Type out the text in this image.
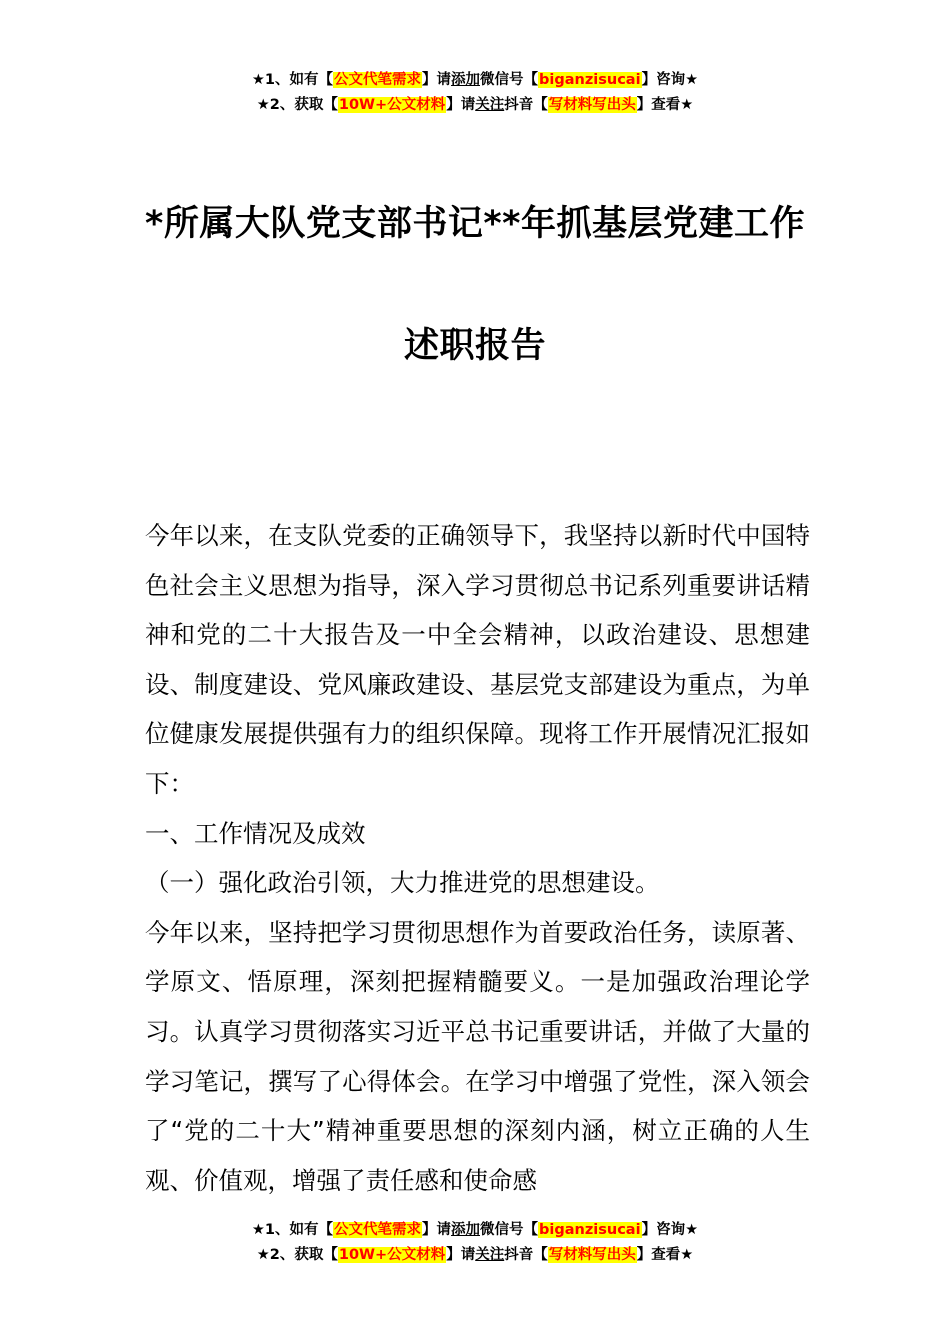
★1、如有【公文代笔需求】请添加微信号【biganzisucai】咨询★
★2、获取【10W+公文材料】请关注抖音【写材料写出头】查看★
*所属大队党支部书记**年抓基层党建工作
述职报告

今年以来，在支队党委的正确领导下，我坚持以新时代中国特色社会主义思想为指导，深入学习贯彻总书记系列重要讲话精神和党的二十大报告及一中全会精神，以政治建设、思想建设、制度建设、党风廉政建设、基层党支部建设为重点，为单位健康发展提供强有力的组织保障。现将工作开展情况汇报如下：

一、工作情况及成效

（一）强化政治引领，大力推进党的思想建设。

今年以来，坚持把学习贯彻思想作为首要政治任务，读原著、学原文、悟原理，深刻把握精髓要义。一是加强政治理论学习。认真学习贯彻落实习近平总书记重要讲话，并做了大量的学习笔记，撰写了心得体会。在学习中增强了党性，深入领会了“党的二十大”精神重要思想的深刻内涵，树立正确的人生观、价值观，增强了责任感和使命感

★1、如有【公文代笔需求】请添加微信号【biganzisucai】咨询★
★2、获取【10W+公文材料】请关注抖音【写材料写出头】查看★
